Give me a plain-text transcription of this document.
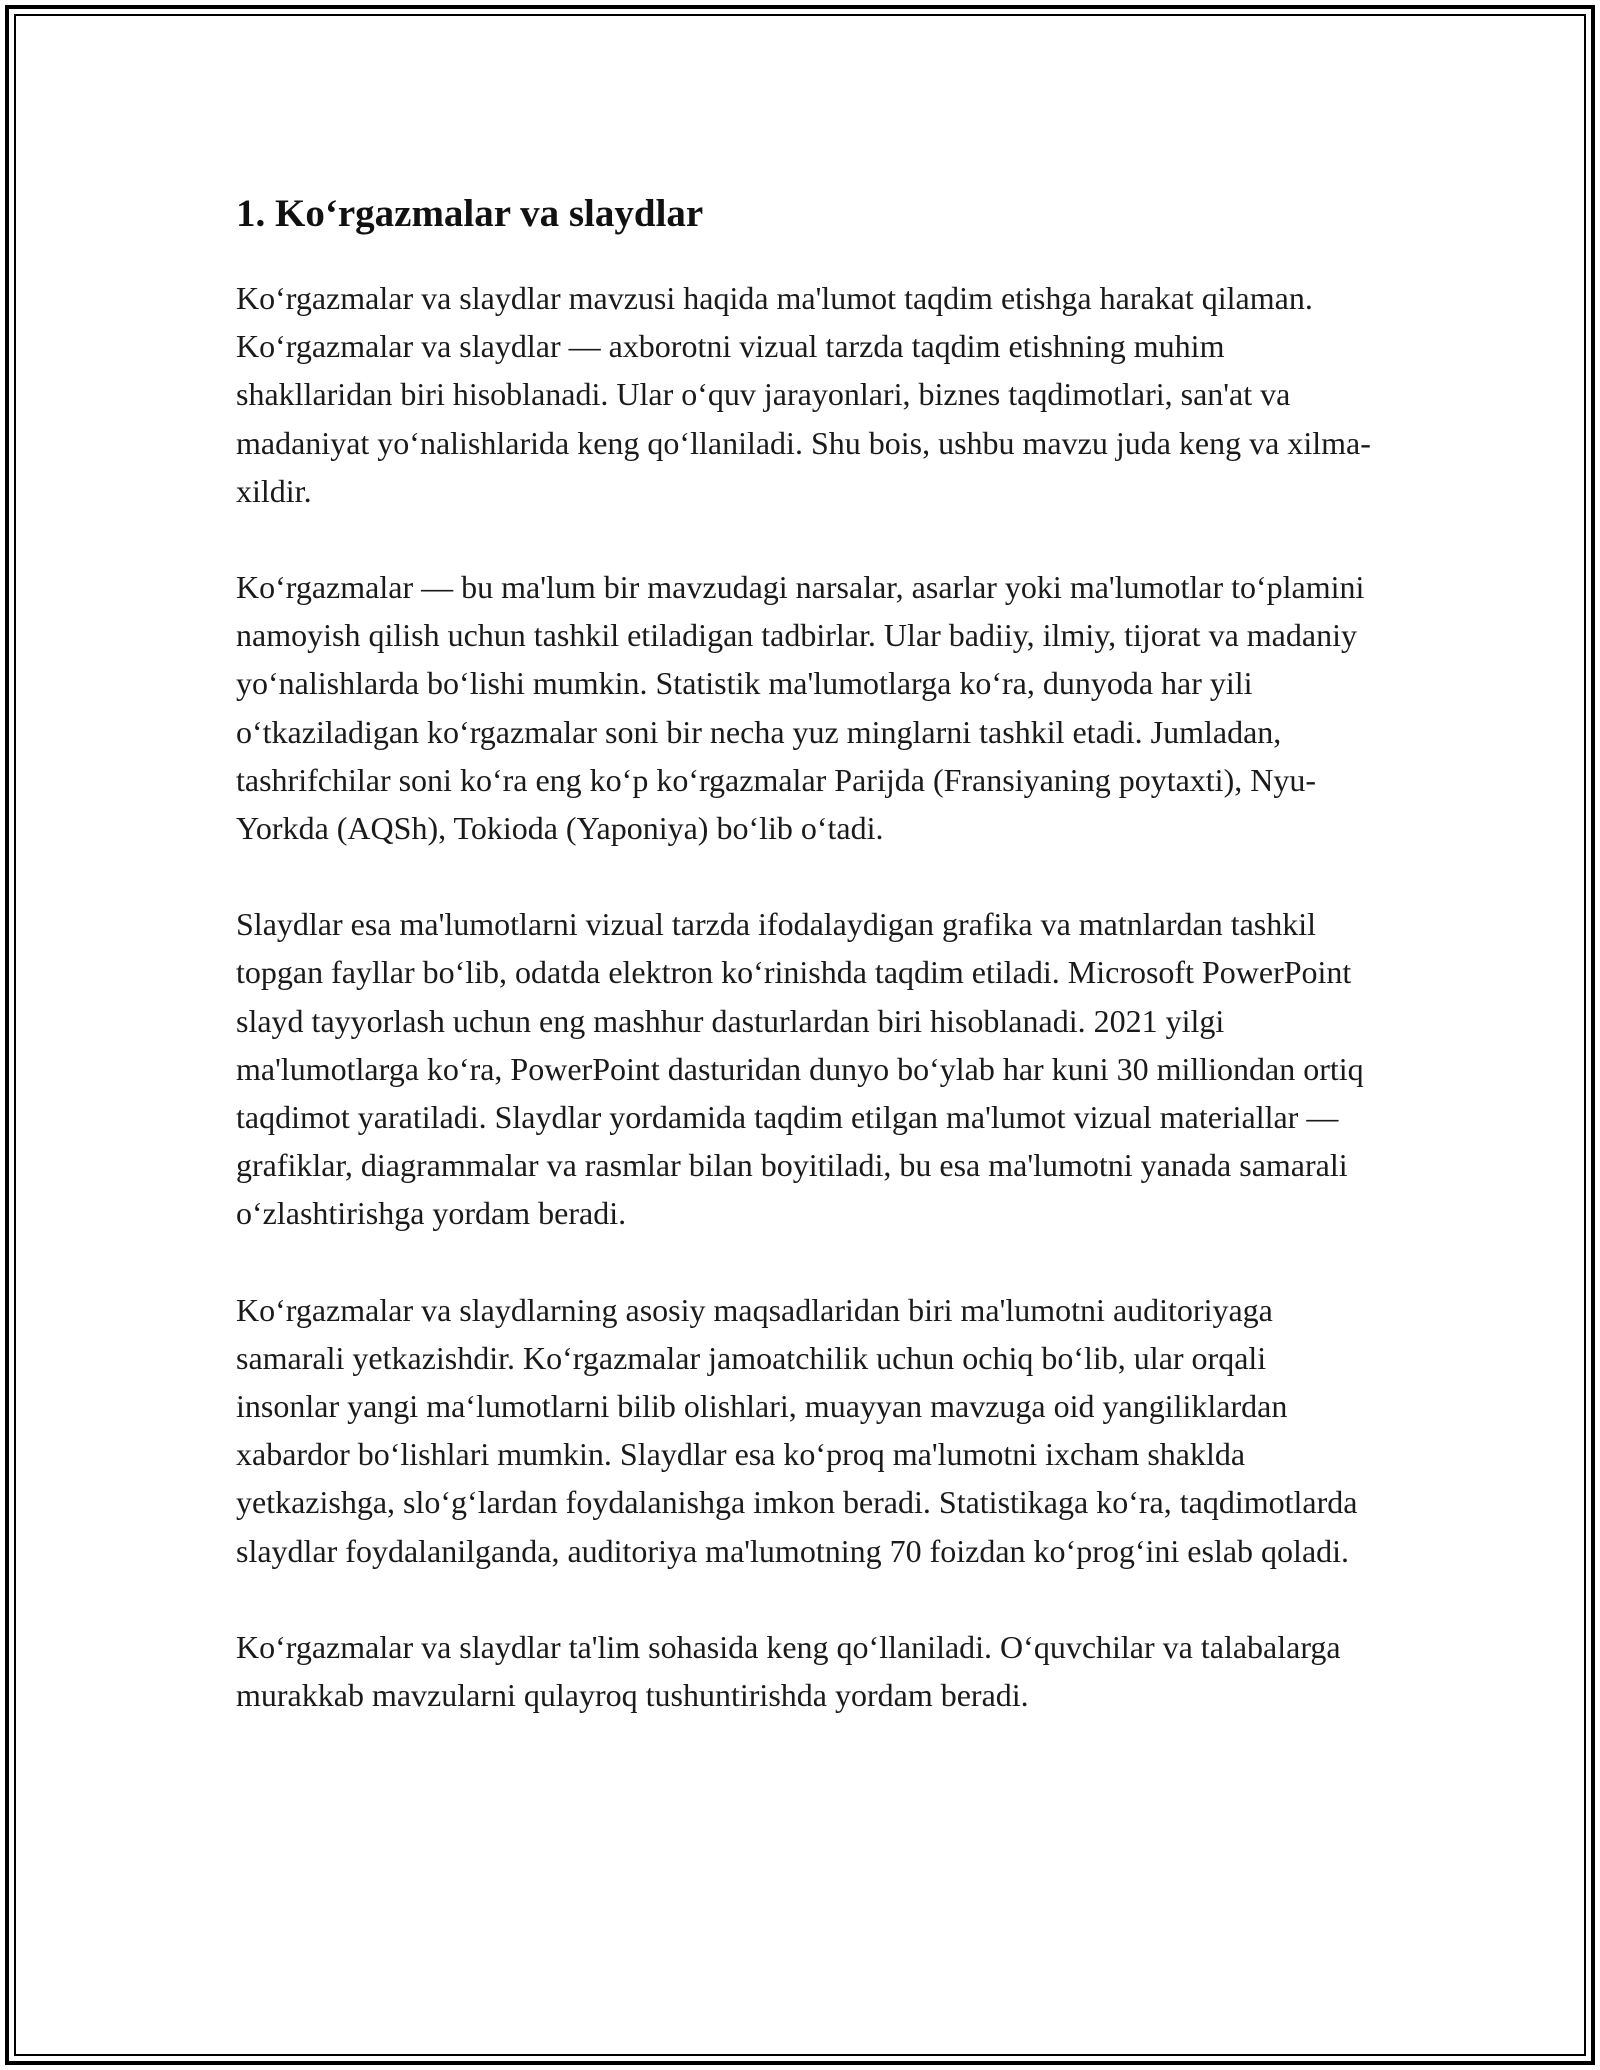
1. Koʻrgazmalar va slaydlar

Koʻrgazmalar va slaydlar mavzusi haqida ma'lumot taqdim etishga harakat qilaman. Koʻrgazmalar va slaydlar — axborotni vizual tarzda taqdim etishning muhim shakllaridan biri hisoblanadi. Ular oʻquv jarayonlari, biznes taqdimotlari, san'at va madaniyat yoʻnalishlarida keng qoʻllaniladi. Shu bois, ushbu mavzu juda keng va xilma-xildir.

Koʻrgazmalar — bu ma'lum bir mavzudagi narsalar, asarlar yoki ma'lumotlar toʻplamini namoyish qilish uchun tashkil etiladigan tadbirlar. Ular badiiy, ilmiy, tijorat va madaniy yoʻnalishlarda boʻlishi mumkin. Statistik ma'lumotlarga koʻra, dunyoda har yili oʻtkaziladigan koʻrgazmalar soni bir necha yuz minglarni tashkil etadi. Jumladan, tashrifchilar soni koʻra eng koʻp koʻrgazmalar Parijda (Fransiyaning poytaxti), Nyu-Yorkda (AQSh), Tokioda (Yaponiya) boʻlib oʻtadi.

Slaydlar esa ma'lumotlarni vizual tarzda ifodalaydigan grafika va matnlardan tashkil topgan fayllar boʻlib, odatda elektron koʻrinishda taqdim etiladi. Microsoft PowerPoint slayd tayyorlash uchun eng mashhur dasturlardan biri hisoblanadi. 2021 yilgi ma'lumotlarga koʻra, PowerPoint dasturidan dunyo boʻylab har kuni 30 milliondan ortiq taqdimot yaratiladi. Slaydlar yordamida taqdim etilgan ma'lumot vizual materiallar — grafiklar, diagrammalar va rasmlar bilan boyitiladi, bu esa ma'lumotni yanada samarali oʻzlashtirishga yordam beradi.

Koʻrgazmalar va slaydlarning asosiy maqsadlaridan biri ma'lumotni auditoriyaga samarali yetkazishdir. Koʻrgazmalar jamoatchilik uchun ochiq boʻlib, ular orqali insonlar yangi maʻlumotlarni bilib olishlari, muayyan mavzuga oid yangiliklardan xabardor boʻlishlari mumkin. Slaydlar esa koʻproq ma'lumotni ixcham shaklda yetkazishga, sloʻgʻlardan foydalanishga imkon beradi. Statistikaga koʻra, taqdimotlarda slaydlar foydalanilganda, auditoriya ma'lumotning 70 foizdan koʻprogʻini eslab qoladi.

Koʻrgazmalar va slaydlar ta'lim sohasida keng qoʻllaniladi. Oʻquvchilar va talabalarga murakkab mavzularni qulayroq tushuntirishda yordam beradi.
